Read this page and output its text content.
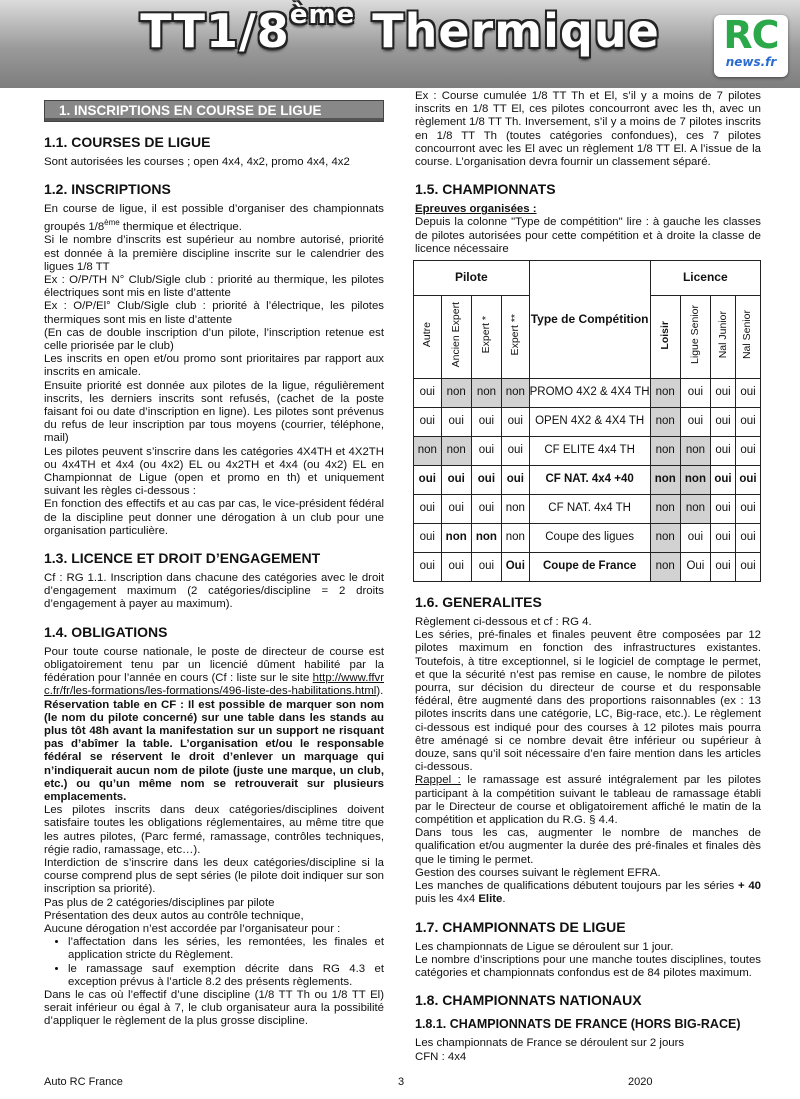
TT1/8ème Thermique	RC
news.fr
1. INSCRIPTIONS EN COURSE DE LIGUE
1.1. COURSES DE LIGUE

Sont autorisées les courses ; open 4x4, 4x2, promo 4x4, 4x2

1.2. INSCRIPTIONS

En course de ligue, il est possible d’organiser des championnats groupés 1/8ème thermique et électrique.

Si le nombre d’inscrits est supérieur au nombre autorisé, priorité est donnée à la première discipline inscrite sur le calendrier des ligues 1/8 TT

Ex : O/P/TH N° Club/Sigle club : priorité au thermique, les pilotes électriques sont mis en liste d’attente

Ex : O/P/El° Club/Sigle club : priorité à l’électrique, les pilotes thermiques sont mis en liste d’attente

(En cas de double inscription d’un pilote, l’inscription retenue est celle priorisée par le club)

Les inscrits en open et/ou promo sont prioritaires par rapport aux inscrits en amicale.

Ensuite priorité est donnée aux pilotes de la ligue, régulièrement inscrits, les derniers inscrits sont refusés, (cachet de la poste faisant foi ou date d’inscription en ligne). Les pilotes sont prévenus du refus de leur inscription par tous moyens (courrier, téléphone, mail)

Les pilotes peuvent s’inscrire dans les catégories 4X4TH et 4X2TH ou 4x4TH et 4x4 (ou 4x2) EL ou 4x2TH et 4x4 (ou 4x2) EL en Championnat de Ligue (open et promo en th) et uniquement suivant les règles ci-dessous :

En fonction des effectifs et au cas par cas, le vice-président fédéral de la discipline peut donner une dérogation à un club pour une organisation particulière.

1.3. LICENCE ET DROIT D’ENGAGEMENT

Cf : RG 1.1. Inscription dans chacune des catégories avec le droit d’engagement maximum (2 catégories/discipline = 2 droits d’engagement à payer au maximum).

1.4. OBLIGATIONS

Pour toute course nationale, le poste de directeur de course est obligatoirement tenu par un licencié dûment habilité par la fédération pour l’année en cours (Cf : liste sur le site http://www.ffvrc.fr/fr/les-formations/les-formations/496-liste-des-habilitations.html).

Réservation table en CF : Il est possible de marquer son nom (le nom du pilote concerné) sur une table dans les stands au plus tôt 48h avant la manifestation sur un support ne risquant pas d’abîmer la table. L’organisation et/ou le responsable fédéral se réservent le droit d’enlever un marquage qui n’indiquerait aucun nom de pilote (juste une marque, un club, etc.) ou qu’un même nom se retrouverait sur plusieurs emplacements.

Les pilotes inscrits dans deux catégories/disciplines doivent satisfaire toutes les obligations réglementaires, au même titre que les autres pilotes, (Parc fermé, ramassage, contrôles techniques, régie radio, ramassage, etc…).

Interdiction de s’inscrire dans les deux catégories/discipline si la course comprend plus de sept séries (le pilote doit indiquer sur son inscription sa priorité).

Pas plus de 2 catégories/disciplines par pilote

Présentation des deux autos au contrôle technique,

Aucune dérogation n’est accordée par l’organisateur pour :

• l’affectation dans les séries, les remontées, les finales et application stricte du Règlement.
• le ramassage sauf exemption décrite dans RG 4.3 et exception prévus à l’article 8.2 des présents règlements.

Dans le cas où l’effectif d’une discipline (1/8 TT Th ou 1/8 TT El) serait inférieur ou égal à 7, le club organisateur aura la possibilité d’appliquer le règlement de la plus grosse discipline.

Ex : Course cumulée 1/8 TT Th et El, s’il y a moins de 7 pilotes inscrits en 1/8 TT El, ces pilotes concourront avec les th, avec un règlement 1/8 TT Th. Inversement, s’il y a moins de 7 pilotes inscrits en 1/8 TT Th (toutes catégories confondues), ces 7 pilotes concourront avec les El avec un règlement 1/8 TT El. A l’issue de la course. L’organisation devra fournir un classement séparé.

1.5. CHAMPIONNATS

Epreuves organisées :

Depuis la colonne "Type de compétition" lire : à gauche les classes de pilotes autorisées pour cette compétition et à droite la classe de licence nécessaire

Pilote				Type de Compétition	Licence			
Autre	Ancien Expert	Expert *	Expert **		Loisir	Ligue Senior	Nal Junior	Nal Senior
oui	non	non	non	PROMO 4X2 & 4X4 TH	non	oui	oui	oui
oui	oui	oui	oui	OPEN 4X2 & 4X4 TH	non	oui	oui	oui
non	non	oui	oui	CF ELITE 4x4 TH	non	non	oui	oui
oui	oui	oui	oui	CF NAT. 4x4 +40	non	non	oui	oui
oui	oui	oui	non	CF NAT. 4x4 TH	non	non	oui	oui
oui	non	non	non	Coupe des ligues	non	oui	oui	oui
oui	oui	oui	Oui	Coupe de France	non	Oui	oui	oui
1.6. GENERALITES

Règlement ci-dessous et cf : RG 4.

Les séries, pré-finales et finales peuvent être composées par 12 pilotes maximum en fonction des infrastructures existantes. Toutefois, à titre exceptionnel, si le logiciel de comptage le permet, et que la sécurité n’est pas remise en cause, le nombre de pilotes pourra, sur décision du directeur de course et du responsable fédéral, être augmenté dans des proportions raisonnables (ex : 13 pilotes inscrits dans une catégorie, LC, Big-race, etc.). Le règlement ci-dessous est indiqué pour des courses à 12 pilotes mais pourra être aménagé si ce nombre devait être inférieur ou supérieur à douze, sans qu’il soit nécessaire d’en faire mention dans les articles ci-dessous.

Rappel : le ramassage est assuré intégralement par les pilotes participant à la compétition suivant le tableau de ramassage établi par le Directeur de course et obligatoirement affiché le matin de la compétition et application du R.G. § 4.4.

Dans tous les cas, augmenter le nombre de manches de qualification et/ou augmenter la durée des pré-finales et finales dès que le timing le permet.

Gestion des courses suivant le règlement EFRA.

Les manches de qualifications débutent toujours par les séries + 40 puis les 4x4 Elite.

1.7. CHAMPIONNATS DE LIGUE

Les championnats de Ligue se déroulent sur 1 jour.

Le nombre d’inscriptions pour une manche toutes disciplines, toutes catégories et championnats confondus est de 84 pilotes maximum.

1.8. CHAMPIONNATS NATIONAUX
1.8.1. CHAMPIONNATS DE FRANCE (HORS BIG-RACE)

Les championnats de France se déroulent sur 2 jours

CFN : 4x4

Auto RC France	3	2020
